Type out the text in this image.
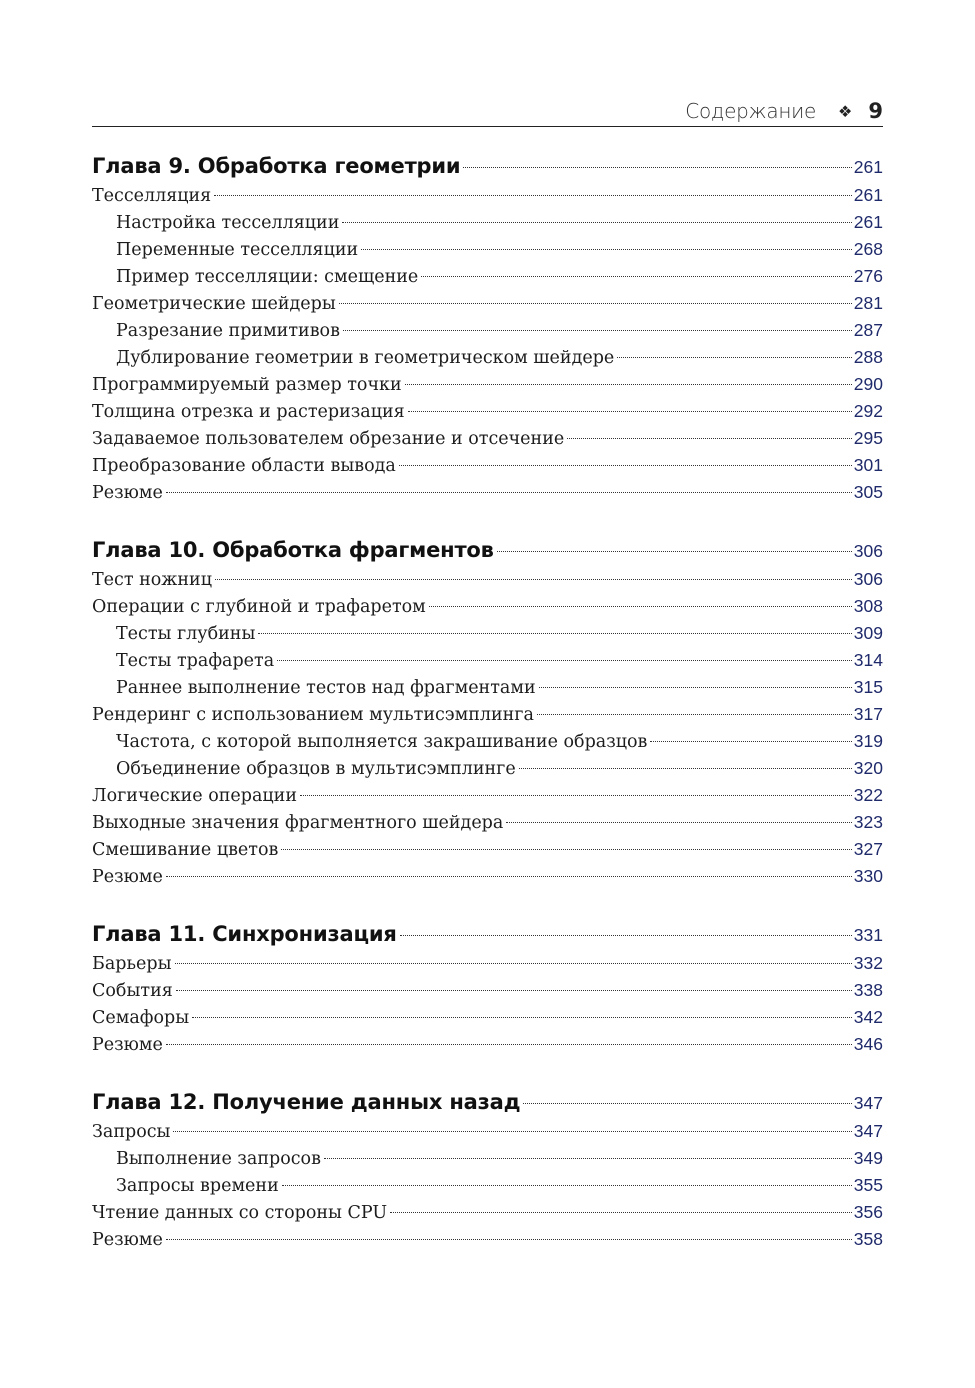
Содержание ❖ 9
Глава 9. Обработка геометрии	261
Тесселляция	261
Настройка тесселляции	261
Переменные тесселляции	268
Пример тесселляции: смещение	276
Геометрические шейдеры	281
Разрезание примитивов	287
Дублирование геометрии в геометрическом шейдере	288
Программируемый размер точки	290
Толщина отрезка и растеризация	292
Задаваемое пользователем обрезание и отсечение	295
Преобразование области вывода	301
Резюме	305
Глава 10. Обработка фрагментов	306
Тест ножниц	306
Операции с глубиной и трафаретом	308
Тесты глубины	309
Тесты трафарета	314
Раннее выполнение тестов над фрагментами	315
Рендеринг с использованием мультисэмплинга	317
Частота, с которой выполняется закрашивание образцов	319
Объединение образцов в мультисэмплинге	320
Логические операции	322
Выходные значения фрагментного шейдера	323
Смешивание цветов	327
Резюме	330
Глава 11. Синхронизация	331
Барьеры	332
События	338
Семафоры	342
Резюме	346
Глава 12. Получение данных назад	347
Запросы	347
Выполнение запросов	349
Запросы времени	355
Чтение данных со стороны CPU	356
Резюме	358
